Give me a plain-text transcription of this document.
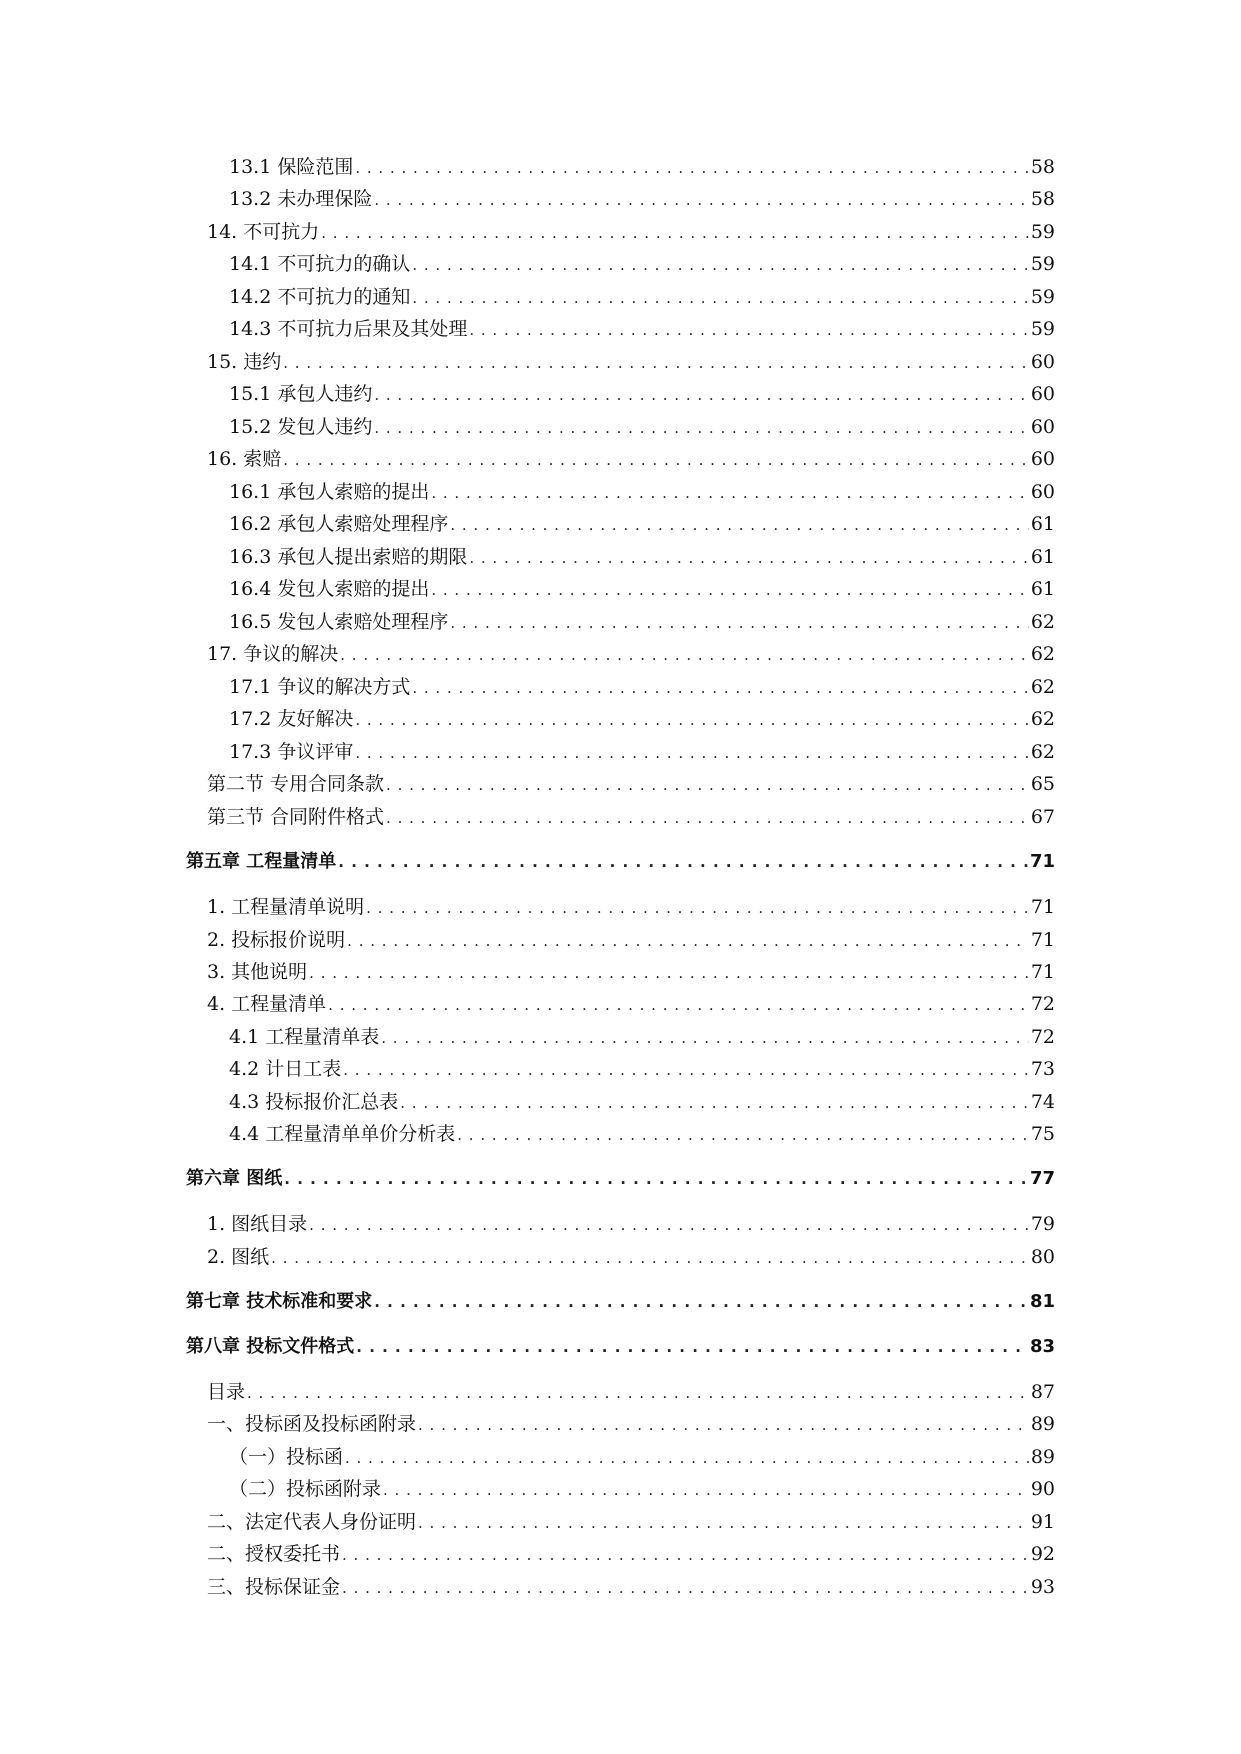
13.1 保险范围 . . .	58
13.2 未办理保险 . . .	58
14. 不可抗力 . . .	59
14.1 不可抗力的确认 . . .	59
14.2 不可抗力的通知 . . .	59
14.3 不可抗力后果及其处理 . . .	59
15. 违约 . . .	60
15.1 承包人违约 . . .	60
15.2 发包人违约 . . .	60
16. 索赔 . . .	60
16.1 承包人索赔的提出 . . .	60
16.2 承包人索赔处理程序 . . .	61
16.3 承包人提出索赔的期限 . . .	61
16.4 发包人索赔的提出 . . .	61
16.5 发包人索赔处理程序 . . .	62
17. 争议的解决 . . .	62
17.1 争议的解决方式 . . .	62
17.2 友好解决 . . .	62
17.3 争议评审 . . .	62
第二节 专用合同条款 . . .	65
第三节 合同附件格式 . . .	67
第五章 工程量清单 . . .	71
1. 工程量清单说明 . . .	71
2. 投标报价说明 . . .	71
3. 其他说明 . . .	71
4. 工程量清单 . . .	72
4.1 工程量清单表 . . .	72
4.2 计日工表 . . .	73
4.3 投标报价汇总表 . . .	74
4.4 工程量清单单价分析表 . . .	75
第六章 图纸 . . .	77
1. 图纸目录 . . .	79
2. 图纸 . . .	80
第七章 技术标准和要求 . . .	81
第八章 投标文件格式 . . .	83
目录 . . .	87
一、投标函及投标函附录 . . .	89
（一）投标函 . . .	89
（二）投标函附录 . . .	90
二、法定代表人身份证明 . . .	91
二、授权委托书 . . .	92
三、投标保证金 . . .	93
